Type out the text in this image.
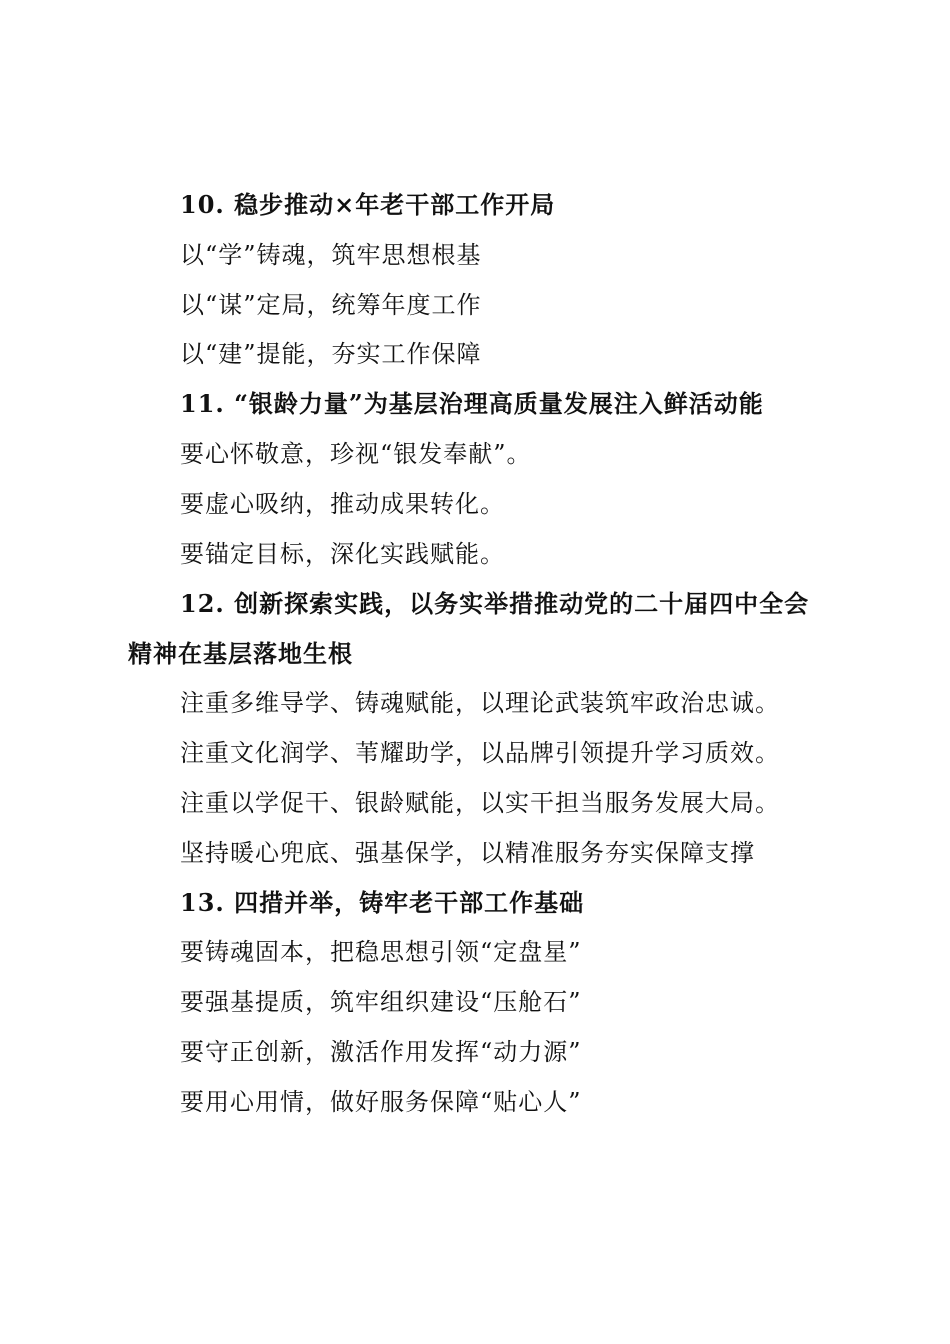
10. 稳步推动×年老干部工作开局
以“学”铸魂，筑牢思想根基
以“谋”定局，统筹年度工作
以“建”提能，夯实工作保障
11. “银龄力量”为基层治理高质量发展注入鲜活动能
要心怀敬意，珍视“银发奉献”。
要虚心吸纳，推动成果转化。
要锚定目标，深化实践赋能。
12. 创新探索实践，以务实举措推动党的二十届四中全会
精神在基层落地生根
注重多维导学、铸魂赋能，以理论武装筑牢政治忠诚。
注重文化润学、苇耀助学，以品牌引领提升学习质效。
注重以学促干、银龄赋能，以实干担当服务发展大局。
坚持暖心兜底、强基保学，以精准服务夯实保障支撑
13. 四措并举，铸牢老干部工作基础
要铸魂固本，把稳思想引领“定盘星”
要强基提质，筑牢组织建设“压舱石”
要守正创新，激活作用发挥“动力源”
要用心用情，做好服务保障“贴心人”
